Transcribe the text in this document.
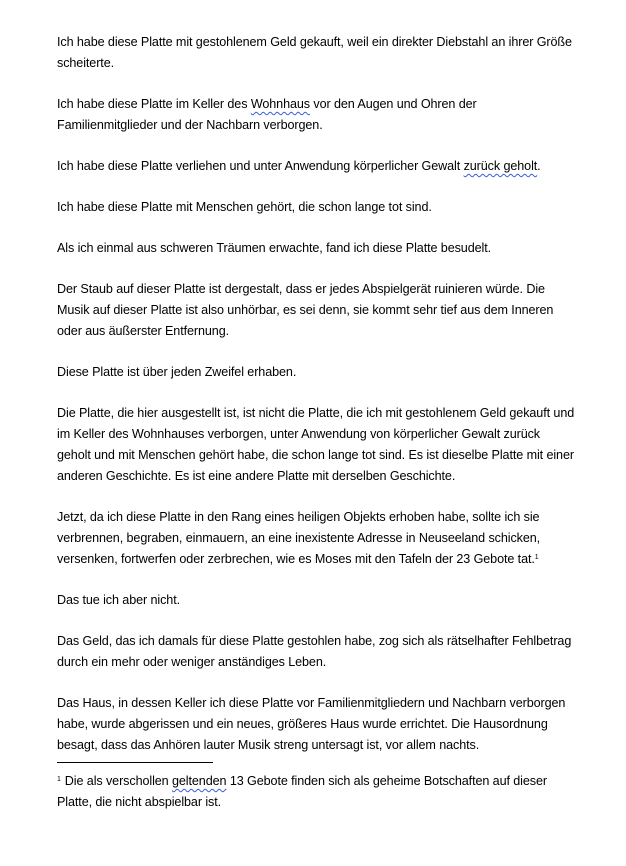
Ich habe diese Platte mit gestohlenem Geld gekauft, weil ein direkter Diebstahl an ihrer Größe scheiterte.

Ich habe diese Platte im Keller des Wohnhaus vor den Augen und Ohren der Familienmitglieder und der Nachbarn verborgen.

Ich habe diese Platte verliehen und unter Anwendung körperlicher Gewalt zurück geholt.

Ich habe diese Platte mit Menschen gehört, die schon lange tot sind.

Als ich einmal aus schweren Träumen erwachte, fand ich diese Platte besudelt.

Der Staub auf dieser Platte ist dergestalt, dass er jedes Abspielgerät ruinieren würde. Die Musik auf dieser Platte ist also unhörbar, es sei denn, sie kommt sehr tief aus dem Inneren oder aus äußerster Entfernung.

Diese Platte ist über jeden Zweifel erhaben.

Die Platte, die hier ausgestellt ist, ist nicht die Platte, die ich mit gestohlenem Geld gekauft und im Keller des Wohnhauses verborgen, unter Anwendung von körperlicher Gewalt zurück geholt und mit Menschen gehört habe, die schon lange tot sind. Es ist dieselbe Platte mit einer anderen Geschichte. Es ist eine andere Platte mit derselben Geschichte.

Jetzt, da ich diese Platte in den Rang eines heiligen Objekts erhoben habe, sollte ich sie verbrennen, begraben, einmauern, an eine inexistente Adresse in Neuseeland schicken, versenken, fortwerfen oder zerbrechen, wie es Moses mit den Tafeln der 23 Gebote tat.$^1$

Das tue ich aber nicht.

Das Geld, das ich damals für diese Platte gestohlen habe, zog sich als rätselhafter Fehlbetrag durch ein mehr oder weniger anständiges Leben.

Das Haus, in dessen Keller ich diese Platte vor Familienmitgliedern und Nachbarn verborgen habe, wurde abgerissen und ein neues, größeres Haus wurde errichtet. Die Hausordnung besagt, dass das Anhören lauter Musik streng untersagt ist, vor allem nachts.

$^1$ Die als verschollen geltenden 13 Gebote finden sich als geheime Botschaften auf dieser Platte, die nicht abspielbar ist.
